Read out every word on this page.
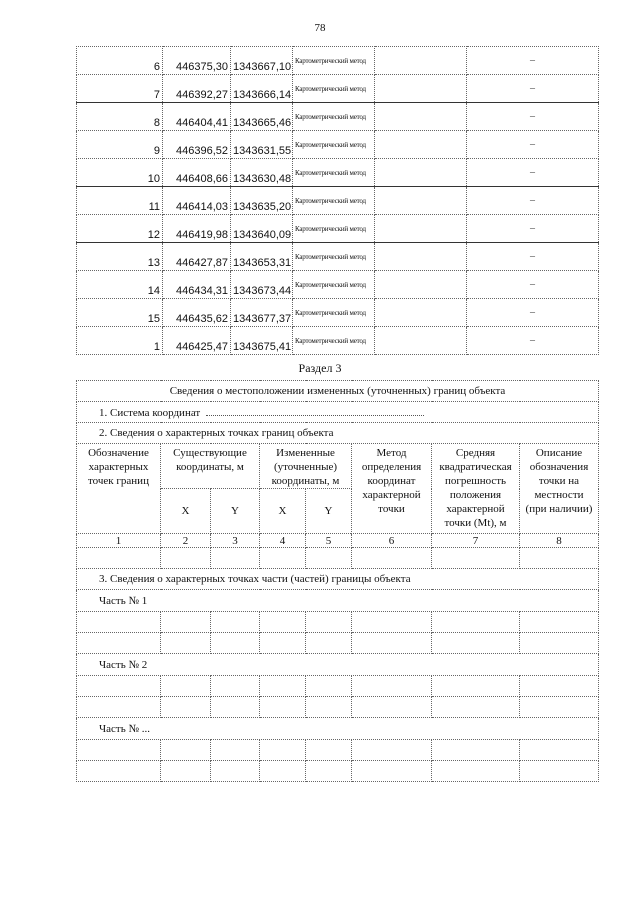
78
6	446375,30	1343667,10	Картометрический метод		–
7	446392,27	1343666,14	Картометрический метод		–
8	446404,41	1343665,46	Картометрический метод		–
9	446396,52	1343631,55	Картометрический метод		–
10	446408,66	1343630,48	Картометрический метод		–
11	446414,03	1343635,20	Картометрический метод		–
12	446419,98	1343640,09	Картометрический метод		–
13	446427,87	1343653,31	Картометрический метод		–
14	446434,31	1343673,44	Картометрический метод		–
15	446435,62	1343677,37	Картометрический метод		–
1	446425,47	1343675,41	Картометрический метод		–
Раздел 3
Сведения о местоположении измененных (уточненных) границ объекта							
1. Система координат							
2. Сведения о характерных точках границ объекта							
Обозначение характерных точек границ	Существующие координаты, м		Измененные (уточненные) координаты, м		Метод определения координат характерной точки	Средняя квадратическая погрешность положения характерной точки (Mt), м	Описание обозначения точки на местности (при наличии)
	X	Y	X	Y			
1	2	3	4	5	6	7	8

3. Сведения о характерных точках части (частей) границы объекта							
Часть № 1							

Часть № 2							

Часть № ...							
